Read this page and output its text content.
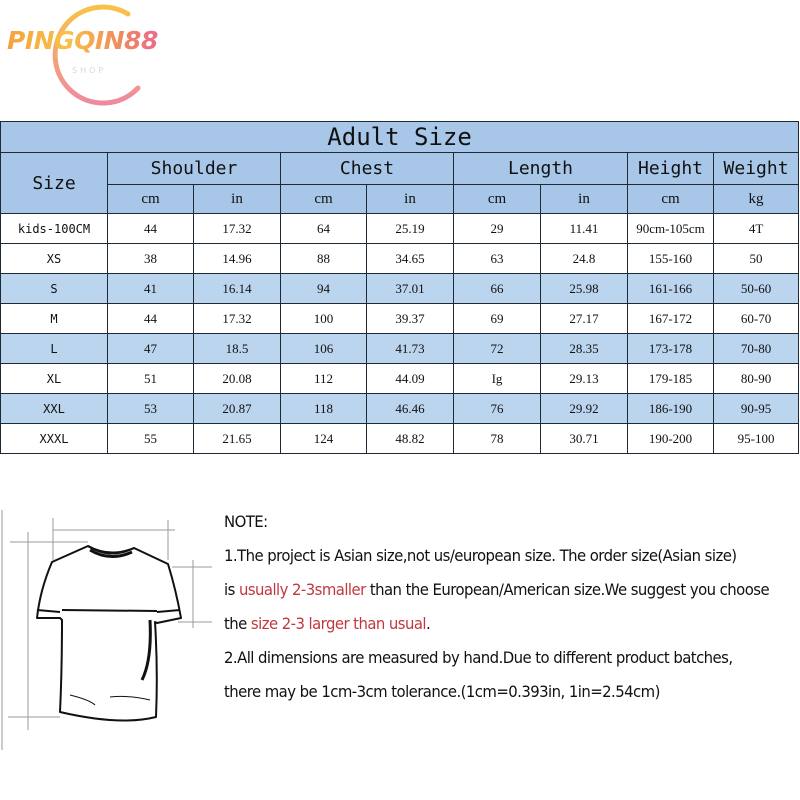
PINGQIN88
SHOP
Adult Size								
Size	Shoulder		Chest		Length		Height	Weight
	cm	in	cm	in	cm	in	cm	kg
kids-100CM	44	17.32	64	25.19	29	11.41	90cm-105cm	4T
XS	38	14.96	88	34.65	63	24.8	155-160	50
S	41	16.14	94	37.01	66	25.98	161-166	50-60
M	44	17.32	100	39.37	69	27.17	167-172	60-70
L	47	18.5	106	41.73	72	28.35	173-178	70-80
XL	51	20.08	112	44.09	Ig	29.13	179-185	80-90
XXL	53	20.87	118	46.46	76	29.92	186-190	90-95
XXXL	55	21.65	124	48.82	78	30.71	190-200	95-100
NOTE:
1.The project is Asian size,not us/european size. The order size(Asian size)
is usually 2-3smaller than the European/American size.We suggest you choose
the size 2-3 larger than usual.
2.All dimensions are measured by hand.Due to different product batches,
there may be 1cm-3cm tolerance.(1cm=0.393in, 1in=2.54cm)
